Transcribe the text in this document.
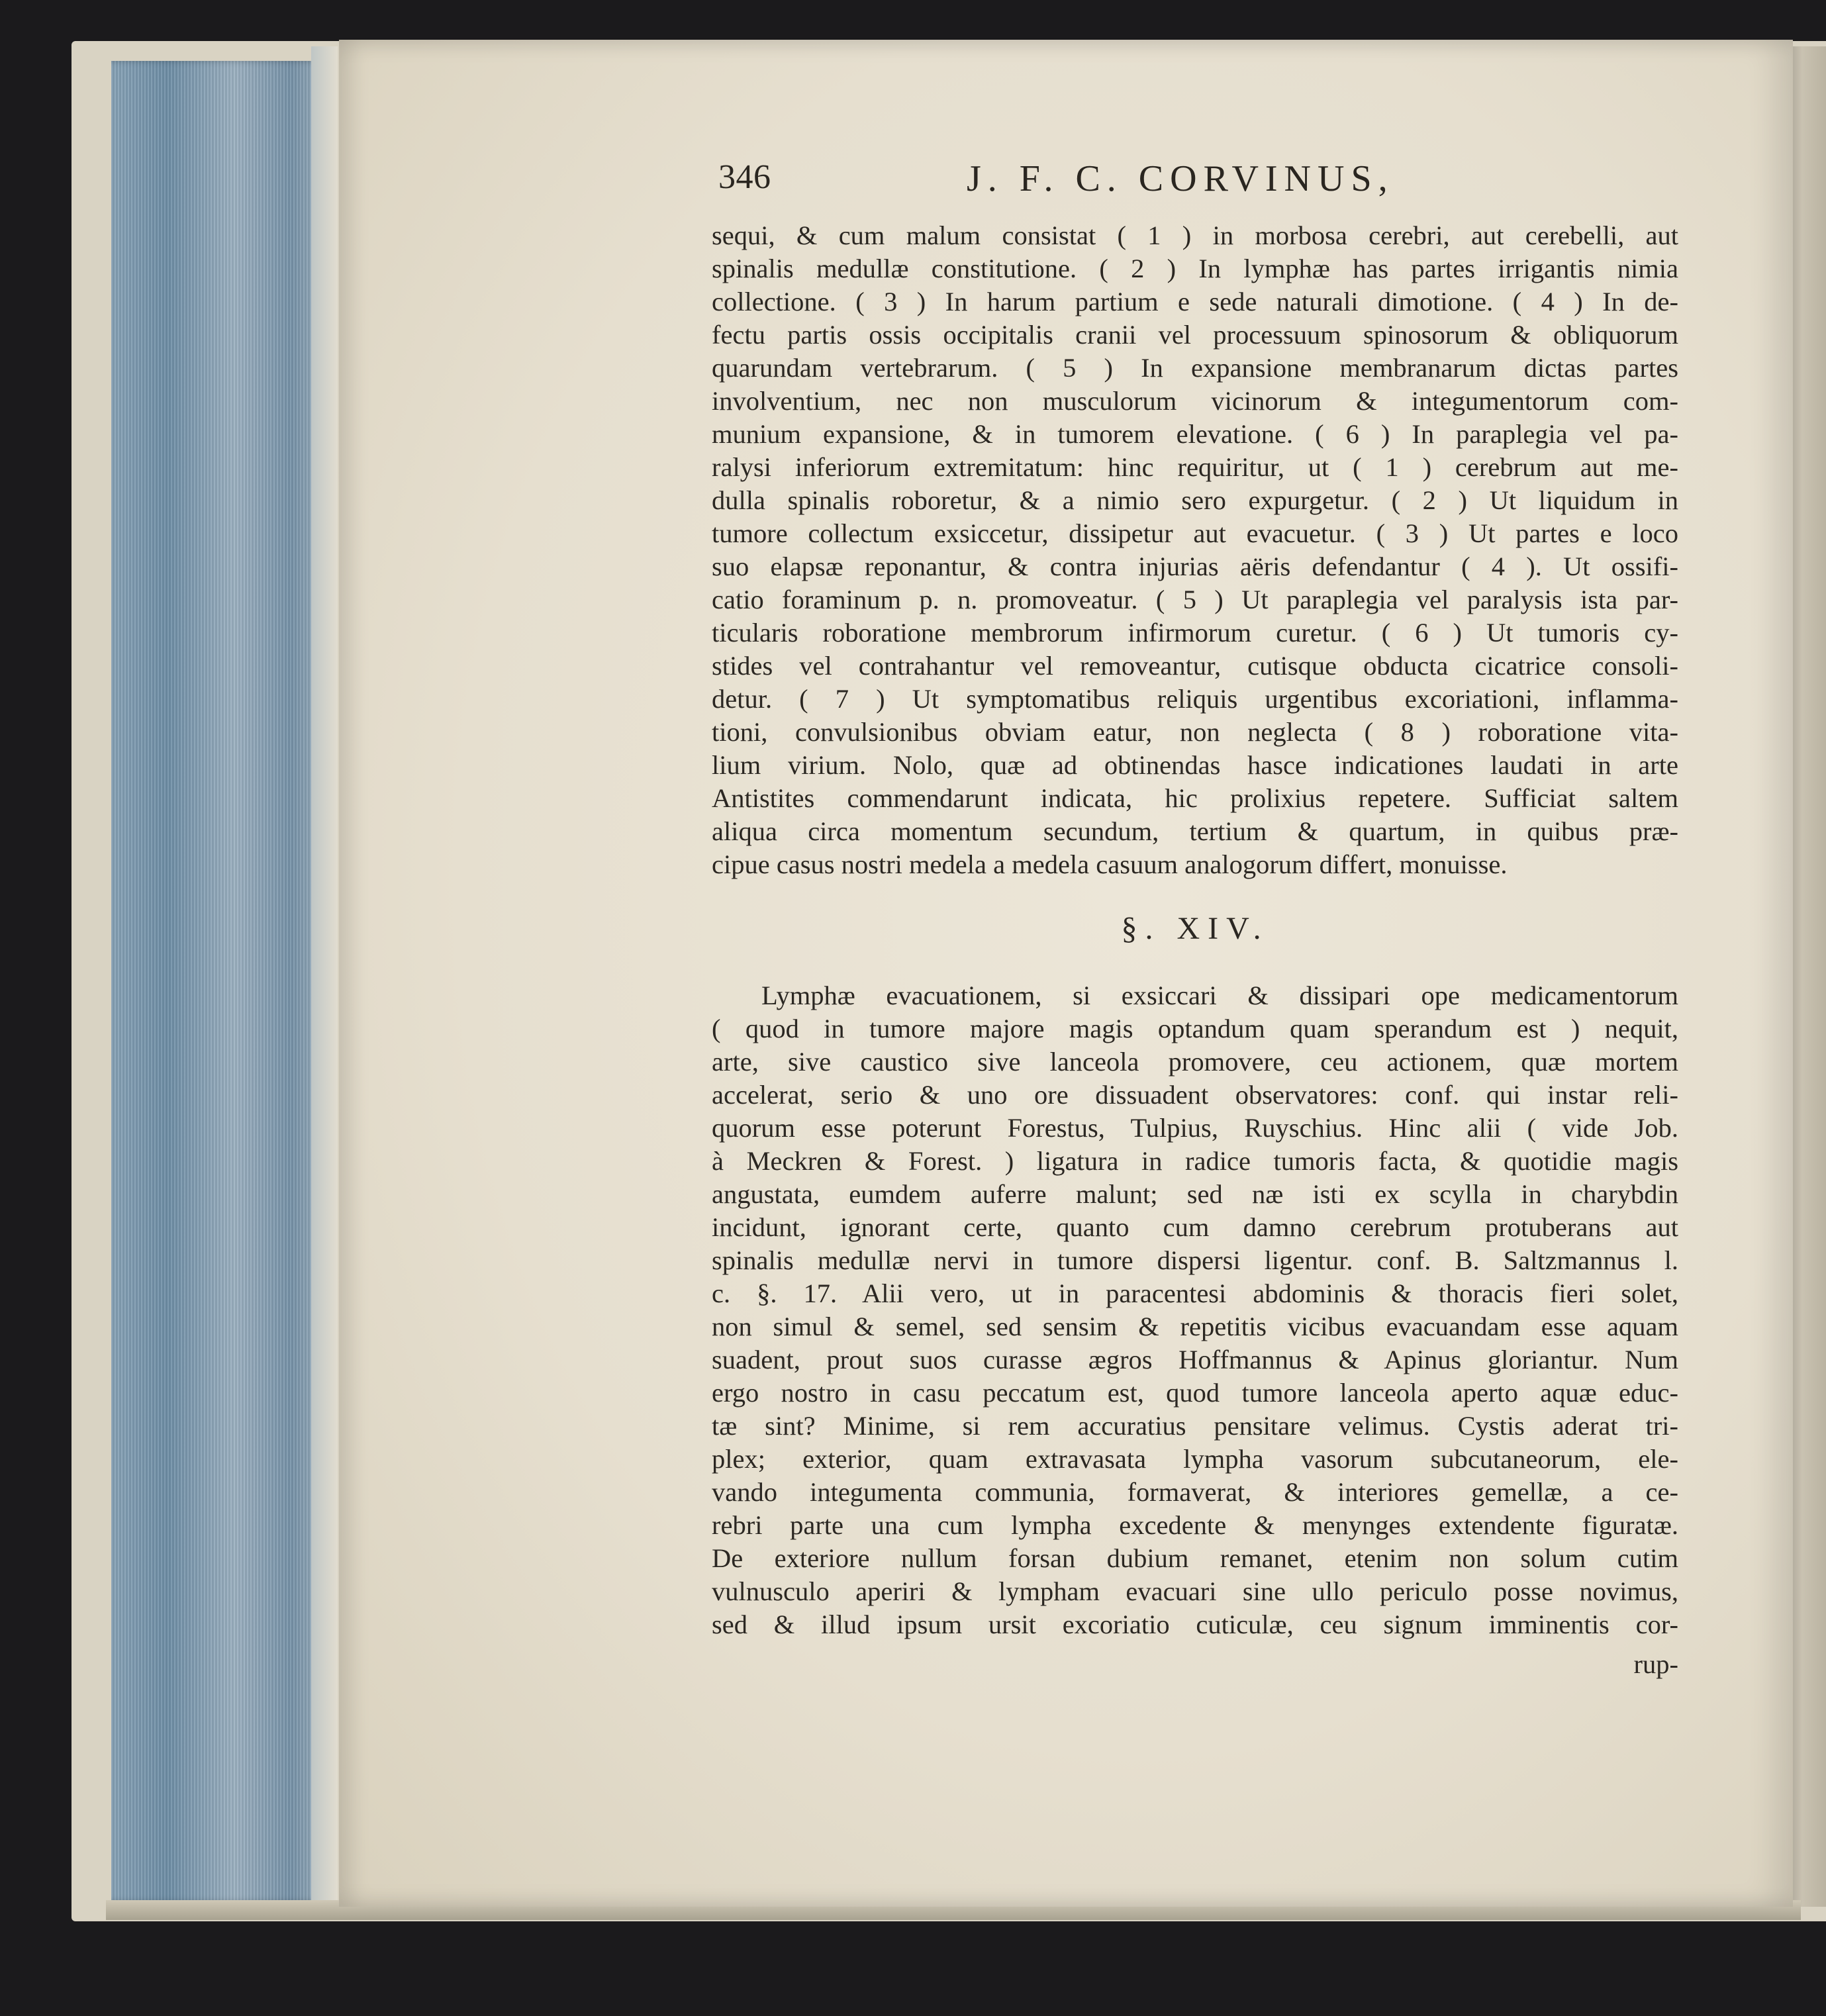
346	J. F. C. CORVINUS,
sequi, & cum malum consistat ( 1 ) in morbosa cerebri, aut cerebelli, aut
spinalis medullæ constitutione. ( 2 ) In lymphæ has partes irrigantis nimia
collectione. ( 3 ) In harum partium e sede naturali dimotione. ( 4 ) In de-
fectu partis ossis occipitalis cranii vel processuum spinosorum & obliquorum
quarundam vertebrarum. ( 5 ) In expansione membranarum dictas partes
involventium, nec non musculorum vicinorum & integumentorum com-
munium expansione, & in tumorem elevatione. ( 6 ) In paraplegia vel pa-
ralysi inferiorum extremitatum: hinc requiritur, ut ( 1 ) cerebrum aut me-
dulla spinalis roboretur, & a nimio sero expurgetur. ( 2 ) Ut liquidum in
tumore collectum exsiccetur, dissipetur aut evacuetur. ( 3 ) Ut partes e loco
suo elapsæ reponantur, & contra injurias aëris defendantur ( 4 ). Ut ossifi-
catio foraminum p. n. promoveatur. ( 5 ) Ut paraplegia vel paralysis ista par-
ticularis roboratione membrorum infirmorum curetur. ( 6 ) Ut tumoris cy-
stides vel contrahantur vel removeantur, cutisque obducta cicatrice consoli-
detur. ( 7 ) Ut symptomatibus reliquis urgentibus excoriationi, inflamma-
tioni, convulsionibus obviam eatur, non neglecta ( 8 ) roboratione vita-
lium virium. Nolo, quæ ad obtinendas hasce indicationes laudati in arte
Antistites commendarunt indicata, hic prolixius repetere. Sufficiat saltem
aliqua circa momentum secundum, tertium & quartum, in quibus præ-
cipue casus nostri medela a medela casuum analogorum differt, monuisse.
§. XIV.
Lymphæ evacuationem, si exsiccari & dissipari ope medicamentorum
( quod in tumore majore magis optandum quam sperandum est ) nequit,
arte, sive caustico sive lanceola promovere, ceu actionem, quæ mortem
accelerat, serio & uno ore dissuadent observatores: conf. qui instar reli-
quorum esse poterunt Forestus, Tulpius, Ruyschius. Hinc alii ( vide Job.
à Meckren & Forest. ) ligatura in radice tumoris facta, & quotidie magis
angustata, eumdem auferre malunt; sed næ isti ex scylla in charybdin
incidunt, ignorant certe, quanto cum damno cerebrum protuberans aut
spinalis medullæ nervi in tumore dispersi ligentur. conf. B. Saltzmannus l.
c. §. 17. Alii vero, ut in paracentesi abdominis & thoracis fieri solet,
non simul & semel, sed sensim & repetitis vicibus evacuandam esse aquam
suadent, prout suos curasse ægros Hoffmannus & Apinus gloriantur. Num
ergo nostro in casu peccatum est, quod tumore lanceola aperto aquæ educ-
tæ sint? Minime, si rem accuratius pensitare velimus. Cystis aderat tri-
plex; exterior, quam extravasata lympha vasorum subcutaneorum, ele-
vando integumenta communia, formaverat, & interiores gemellæ, a ce-
rebri parte una cum lympha excedente & menynges extendente figuratæ.
De exteriore nullum forsan dubium remanet, etenim non solum cutim
vulnusculo aperiri & lympham evacuari sine ullo periculo posse novimus,
sed & illud ipsum ursit excoriatio cuticulæ, ceu signum imminentis cor-
rup-
